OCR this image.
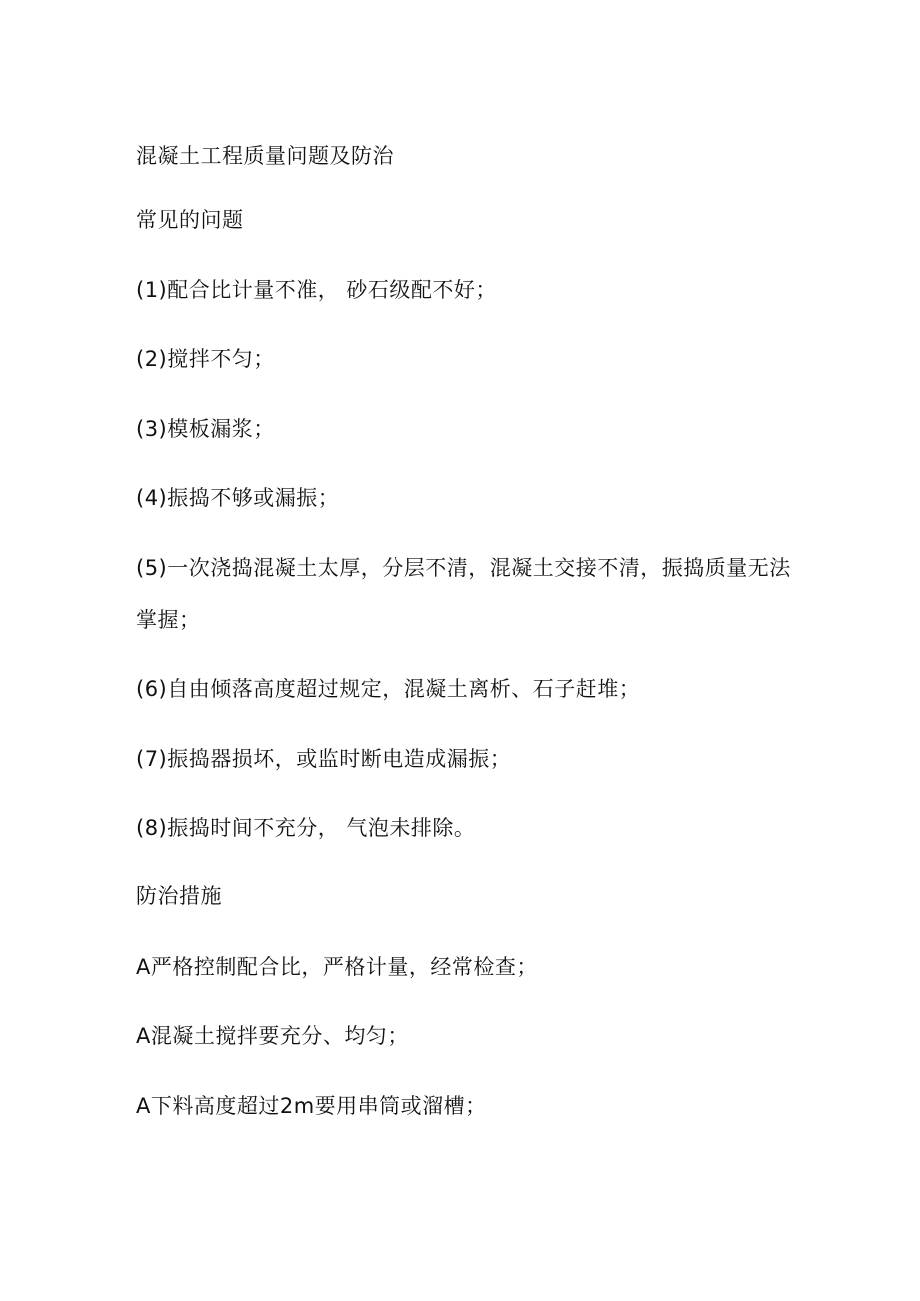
混凝土工程质量问题及防治
常见的问题
(1)配合比计量不准， 砂石级配不好；
(2)搅拌不匀；
(3)模板漏浆；
(4)振捣不够或漏振；
(5)一次浇捣混凝土太厚，分层不清，混凝土交接不清，振捣质量无法掌握；
(6)自由倾落高度超过规定，混凝土离析、石子赶堆；
(7)振捣器损坏，或监时断电造成漏振；
(8)振捣时间不充分， 气泡未排除。
防治措施
A严格控制配合比，严格计量，经常检查；
A混凝土搅拌要充分、均匀；
A下料高度超过2m要用串筒或溜槽；
